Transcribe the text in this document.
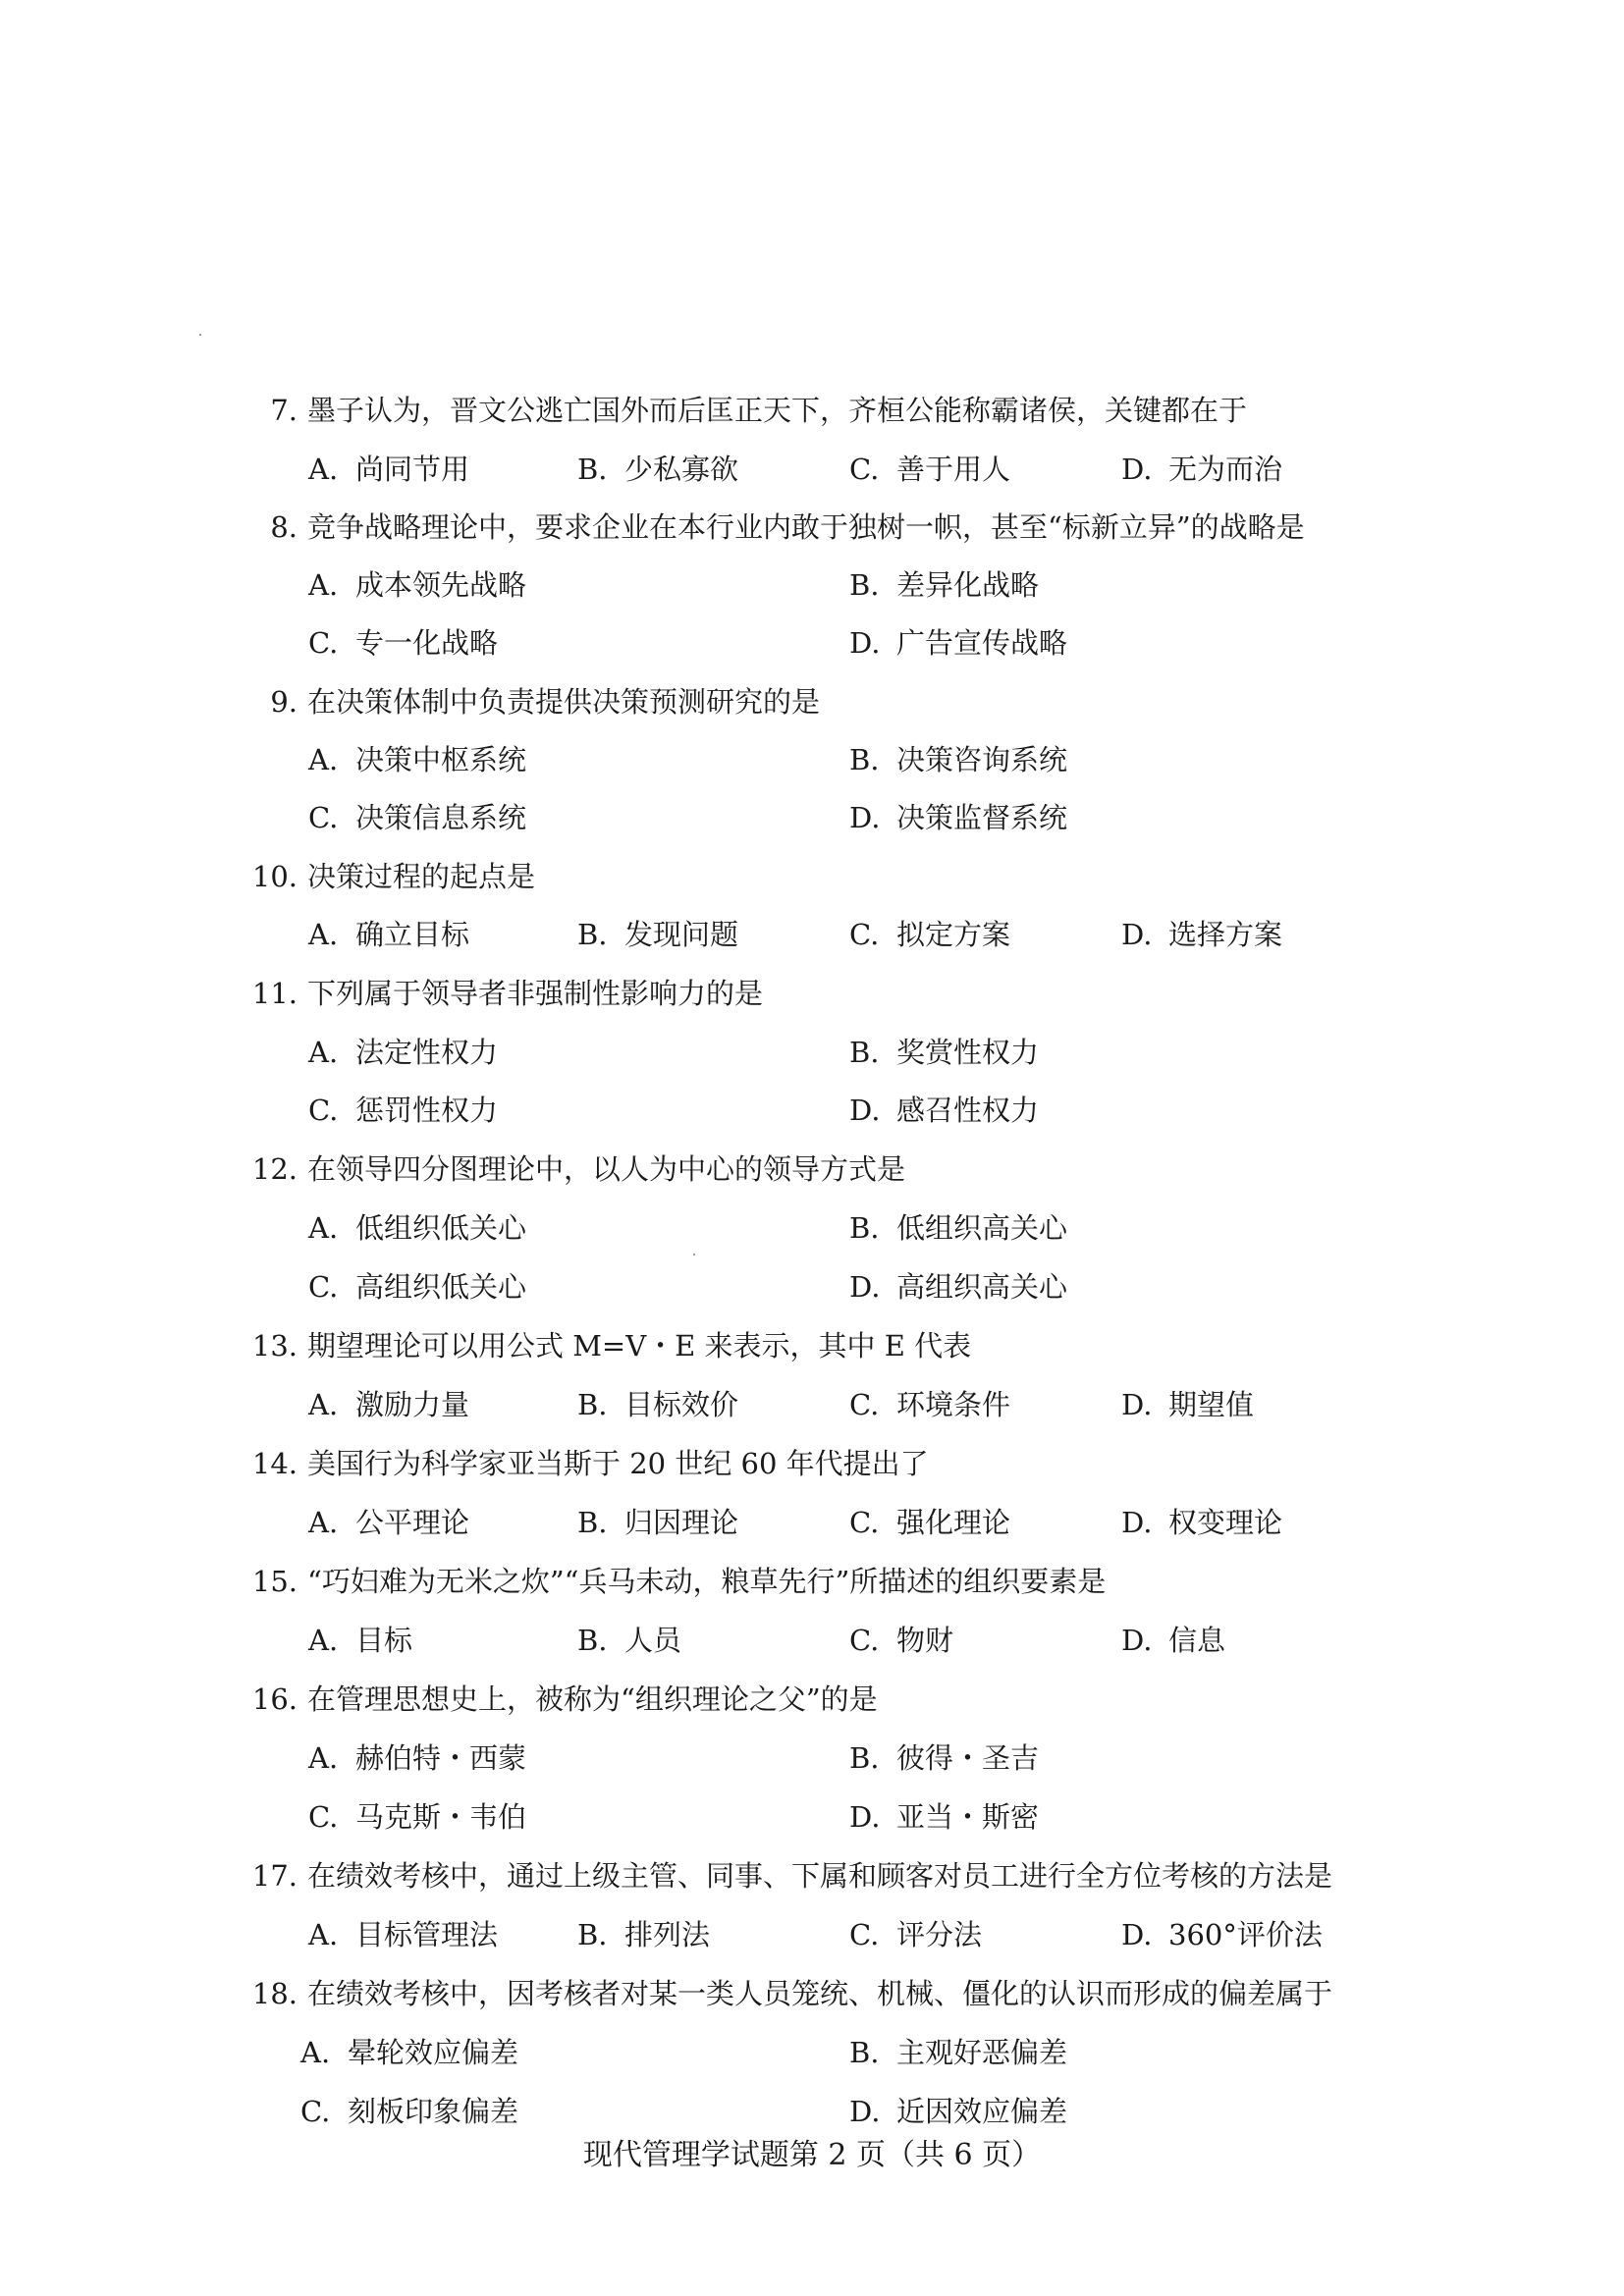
7. 墨子认为，晋文公逃亡国外而后匡正天下，齐桓公能称霸诸侯，关键都在于
A. 尚同节用	B. 少私寡欲	C. 善于用人	D. 无为而治
8. 竞争战略理论中，要求企业在本行业内敢于独树一帜，甚至“标新立异”的战略是
A. 成本领先战略	B. 差异化战略
C. 专一化战略	D. 广告宣传战略
9. 在决策体制中负责提供决策预测研究的是
A. 决策中枢系统	B. 决策咨询系统
C. 决策信息系统	D. 决策监督系统
10. 决策过程的起点是
A. 确立目标	B. 发现问题	C. 拟定方案	D. 选择方案
11. 下列属于领导者非强制性影响力的是
A. 法定性权力	B. 奖赏性权力
C. 惩罚性权力	D. 感召性权力
12. 在领导四分图理论中，以人为中心的领导方式是
A. 低组织低关心	B. 低组织高关心
C. 高组织低关心	D. 高组织高关心
13. 期望理论可以用公式 M=V・E 来表示，其中 E 代表
A. 激励力量	B. 目标效价	C. 环境条件	D. 期望值
14. 美国行为科学家亚当斯于 20 世纪 60 年代提出了
A. 公平理论	B. 归因理论	C. 强化理论	D. 权变理论
15. “巧妇难为无米之炊”“兵马未动，粮草先行”所描述的组织要素是
A. 目标	B. 人员	C. 物财	D. 信息
16. 在管理思想史上，被称为“组织理论之父”的是
A. 赫伯特・西蒙	B. 彼得・圣吉
C. 马克斯・韦伯	D. 亚当・斯密
17. 在绩效考核中，通过上级主管、同事、下属和顾客对员工进行全方位考核的方法是
A. 目标管理法	B. 排列法	C. 评分法	D. 360°评价法
18. 在绩效考核中，因考核者对某一类人员笼统、机械、僵化的认识而形成的偏差属于
A. 晕轮效应偏差	B. 主观好恶偏差
C. 刻板印象偏差	D. 近因效应偏差
现代管理学试题第 2 页（共 6 页）
